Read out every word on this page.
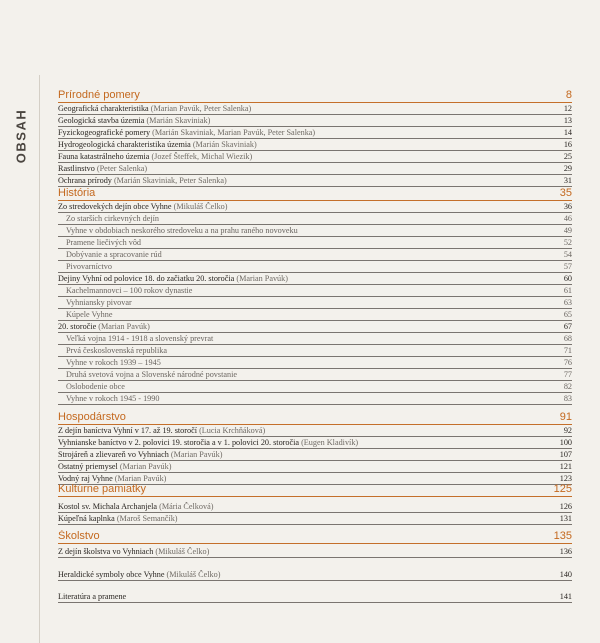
OBSAH
Prírodné pomery	8
Geografická charakteristika (Marian Pavúk, Peter Salenka)	12
Geologická stavba územia (Marián Skaviniak)	13
Fyzickogeografické pomery (Marián Skaviniak, Marian Pavúk, Peter Salenka)	14
Hydrogeologická charakteristika územia (Marián Skaviniak)	16
Fauna katastrálneho územia (Jozef Šteffek, Michal Wiezik)	25
Rastlinstvo (Peter Salenka)	29
Ochrana prírody (Marián Skaviniak, Peter Salenka)	31
História	35
Zo stredovekých dejín obce Vyhne (Mikuláš Čelko)	36
Zo starších cirkevných dejín	46
Vyhne v obdobiach neskorého stredoveku a na prahu raného novoveku	49
Pramene liečivých vôd	52
Dobývanie a spracovanie rúd	54
Pivovarníctvo	57
Dejiny Vyhní od polovice 18. do začiatku 20. storočia (Marian Pavúk)	60
Kachelmannovci – 100 rokov dynastie	61
Vyhniansky pivovar	63
Kúpele Vyhne	65
20. storočie (Marian Pavúk)	67
Veľká vojna 1914 - 1918 a slovenský prevrat	68
Prvá československá republika	71
Vyhne v rokoch 1939 – 1945	76
Druhá svetová vojna a Slovenské národné povstanie	77
Oslobodenie obce	82
Vyhne v rokoch 1945 - 1990	83
Hospodárstvo	91
Z dejín baníctva Vyhní v 17. až 19. storočí (Lucia Krchňáková)	92
Vyhnianske baníctvo v 2. polovici 19. storočia a v 1. polovici 20. storočia (Eugen Kladivík)	100
Strojáreň a zlievareň vo Vyhniach (Marian Pavúk)	107
Ostatný priemysel (Marian Pavúk)	121
Vodný raj Vyhne (Marian Pavúk)	123
Kultúrne pamiatky	125
Kostol sv. Michala Archanjela (Mária Čelková)	126
Kúpeľná kaplnka (Maroš Semančík)	131
Školstvo	135
Z dejín školstva vo Vyhniach (Mikuláš Čelko)	136
Heraldické symboly obce Vyhne (Mikuláš Čelko)	140
Literatúra a pramene	141
